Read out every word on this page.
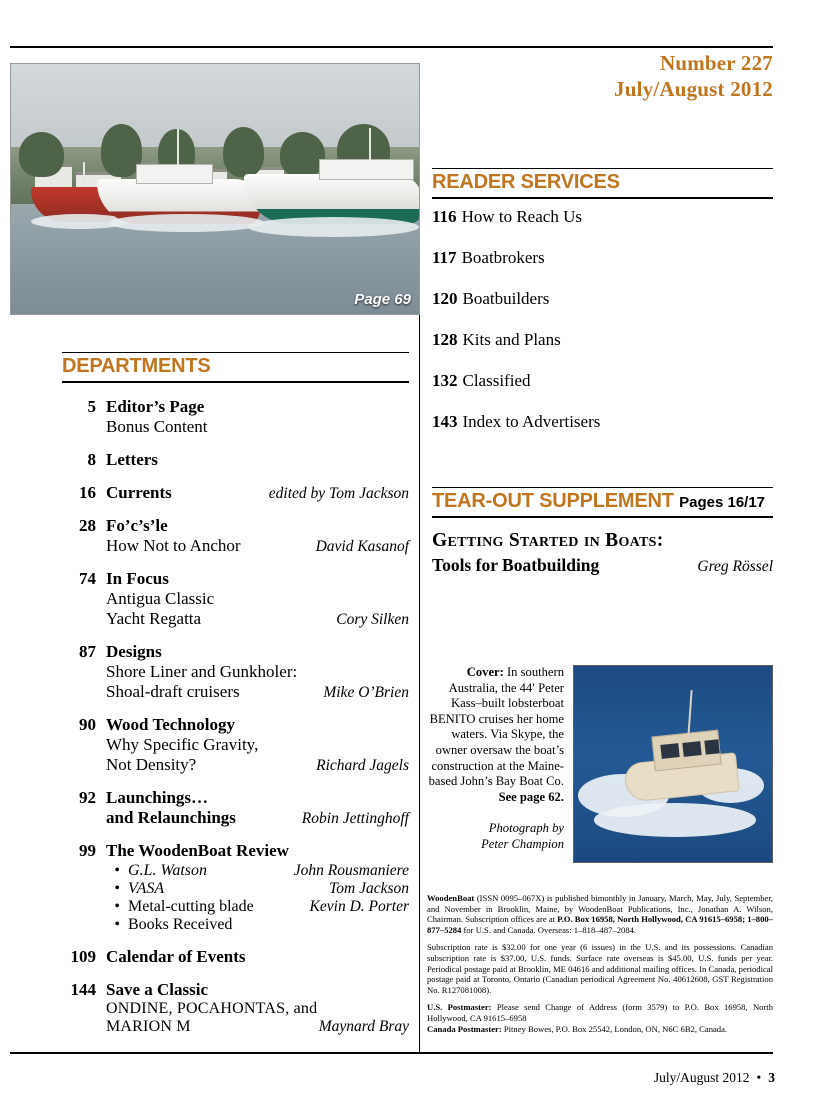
Number 227
July/August 2012
Page 69
DEPARTMENTS
5 Editor’s Page
Bonus Content
8 Letters
16 Currents	edited by Tom Jackson
28 Fo’c’s’le
How Not to Anchor	David Kasanof
74 In Focus
Antigua Classic
Yacht Regatta	Cory Silken
87 Designs
Shore Liner and Gunkholer:
Shoal-draft cruisers	Mike O’Brien
90 Wood Technology
Why Specific Gravity,
Not Density?	Richard Jagels
92 Launchings…
and Relaunchings	Robin Jettinghoff
99 The WoodenBoat Review
• G.L. Watson	John Rousmaniere
• VASA	Tom Jackson
• Metal-cutting blade	Kevin D. Porter
• Books Received
109 Calendar of Events
144 Save a Classic
ONDINE, POCAHONTAS, and
MARION M	Maynard Bray
READER SERVICES
116 How to Reach Us
117 Boatbrokers
120 Boatbuilders
128 Kits and Plans
132 Classified
143 Index to Advertisers
TEAR-OUT SUPPLEMENT Pages 16/17
Getting Started in Boats:
Tools for Boatbuilding	Greg Rössel
Cover: In southern Australia, the 44′ Peter Kass–built lobsterboat BENITO cruises her home waters. Via Skype, the owner oversaw the boat’s construction at the Maine-based John’s Bay Boat Co. See page 62.
Photograph by
Peter Champion

WoodenBoat (ISSN 0095–067X) is published bimonthly in January, March, May, July, September, and November in Brooklin, Maine, by WoodenBoat Publications, Inc., Jonathan A. Wilson, Chairman. Subscription offices are at P.O. Box 16958, North Hollywood, CA 91615–6958; 1–800–877–5284 for U.S. and Canada. Overseas: 1–818–487–2084.

Subscription rate is $32.00 for one year (6 issues) in the U.S. and its possessions. Canadian subscription rate is $37.00, U.S. funds. Surface rate overseas is $45.00, U.S. funds per year. Periodical postage paid at Brooklin, ME 04616 and additional mailing offices. In Canada, periodical postage paid at Toronto, Ontario (Canadian periodical Agreement No. 40612608, GST Registration No. R127081008).

U.S. Postmaster: Please send Change of Address (form 3579) to P.O. Box 16958, North Hollywood, CA 91615–6958
Canada Postmaster: Pitney Bowes, P.O. Box 25542, London, ON, N6C 6B2, Canada.

July/August 2012 • 3
